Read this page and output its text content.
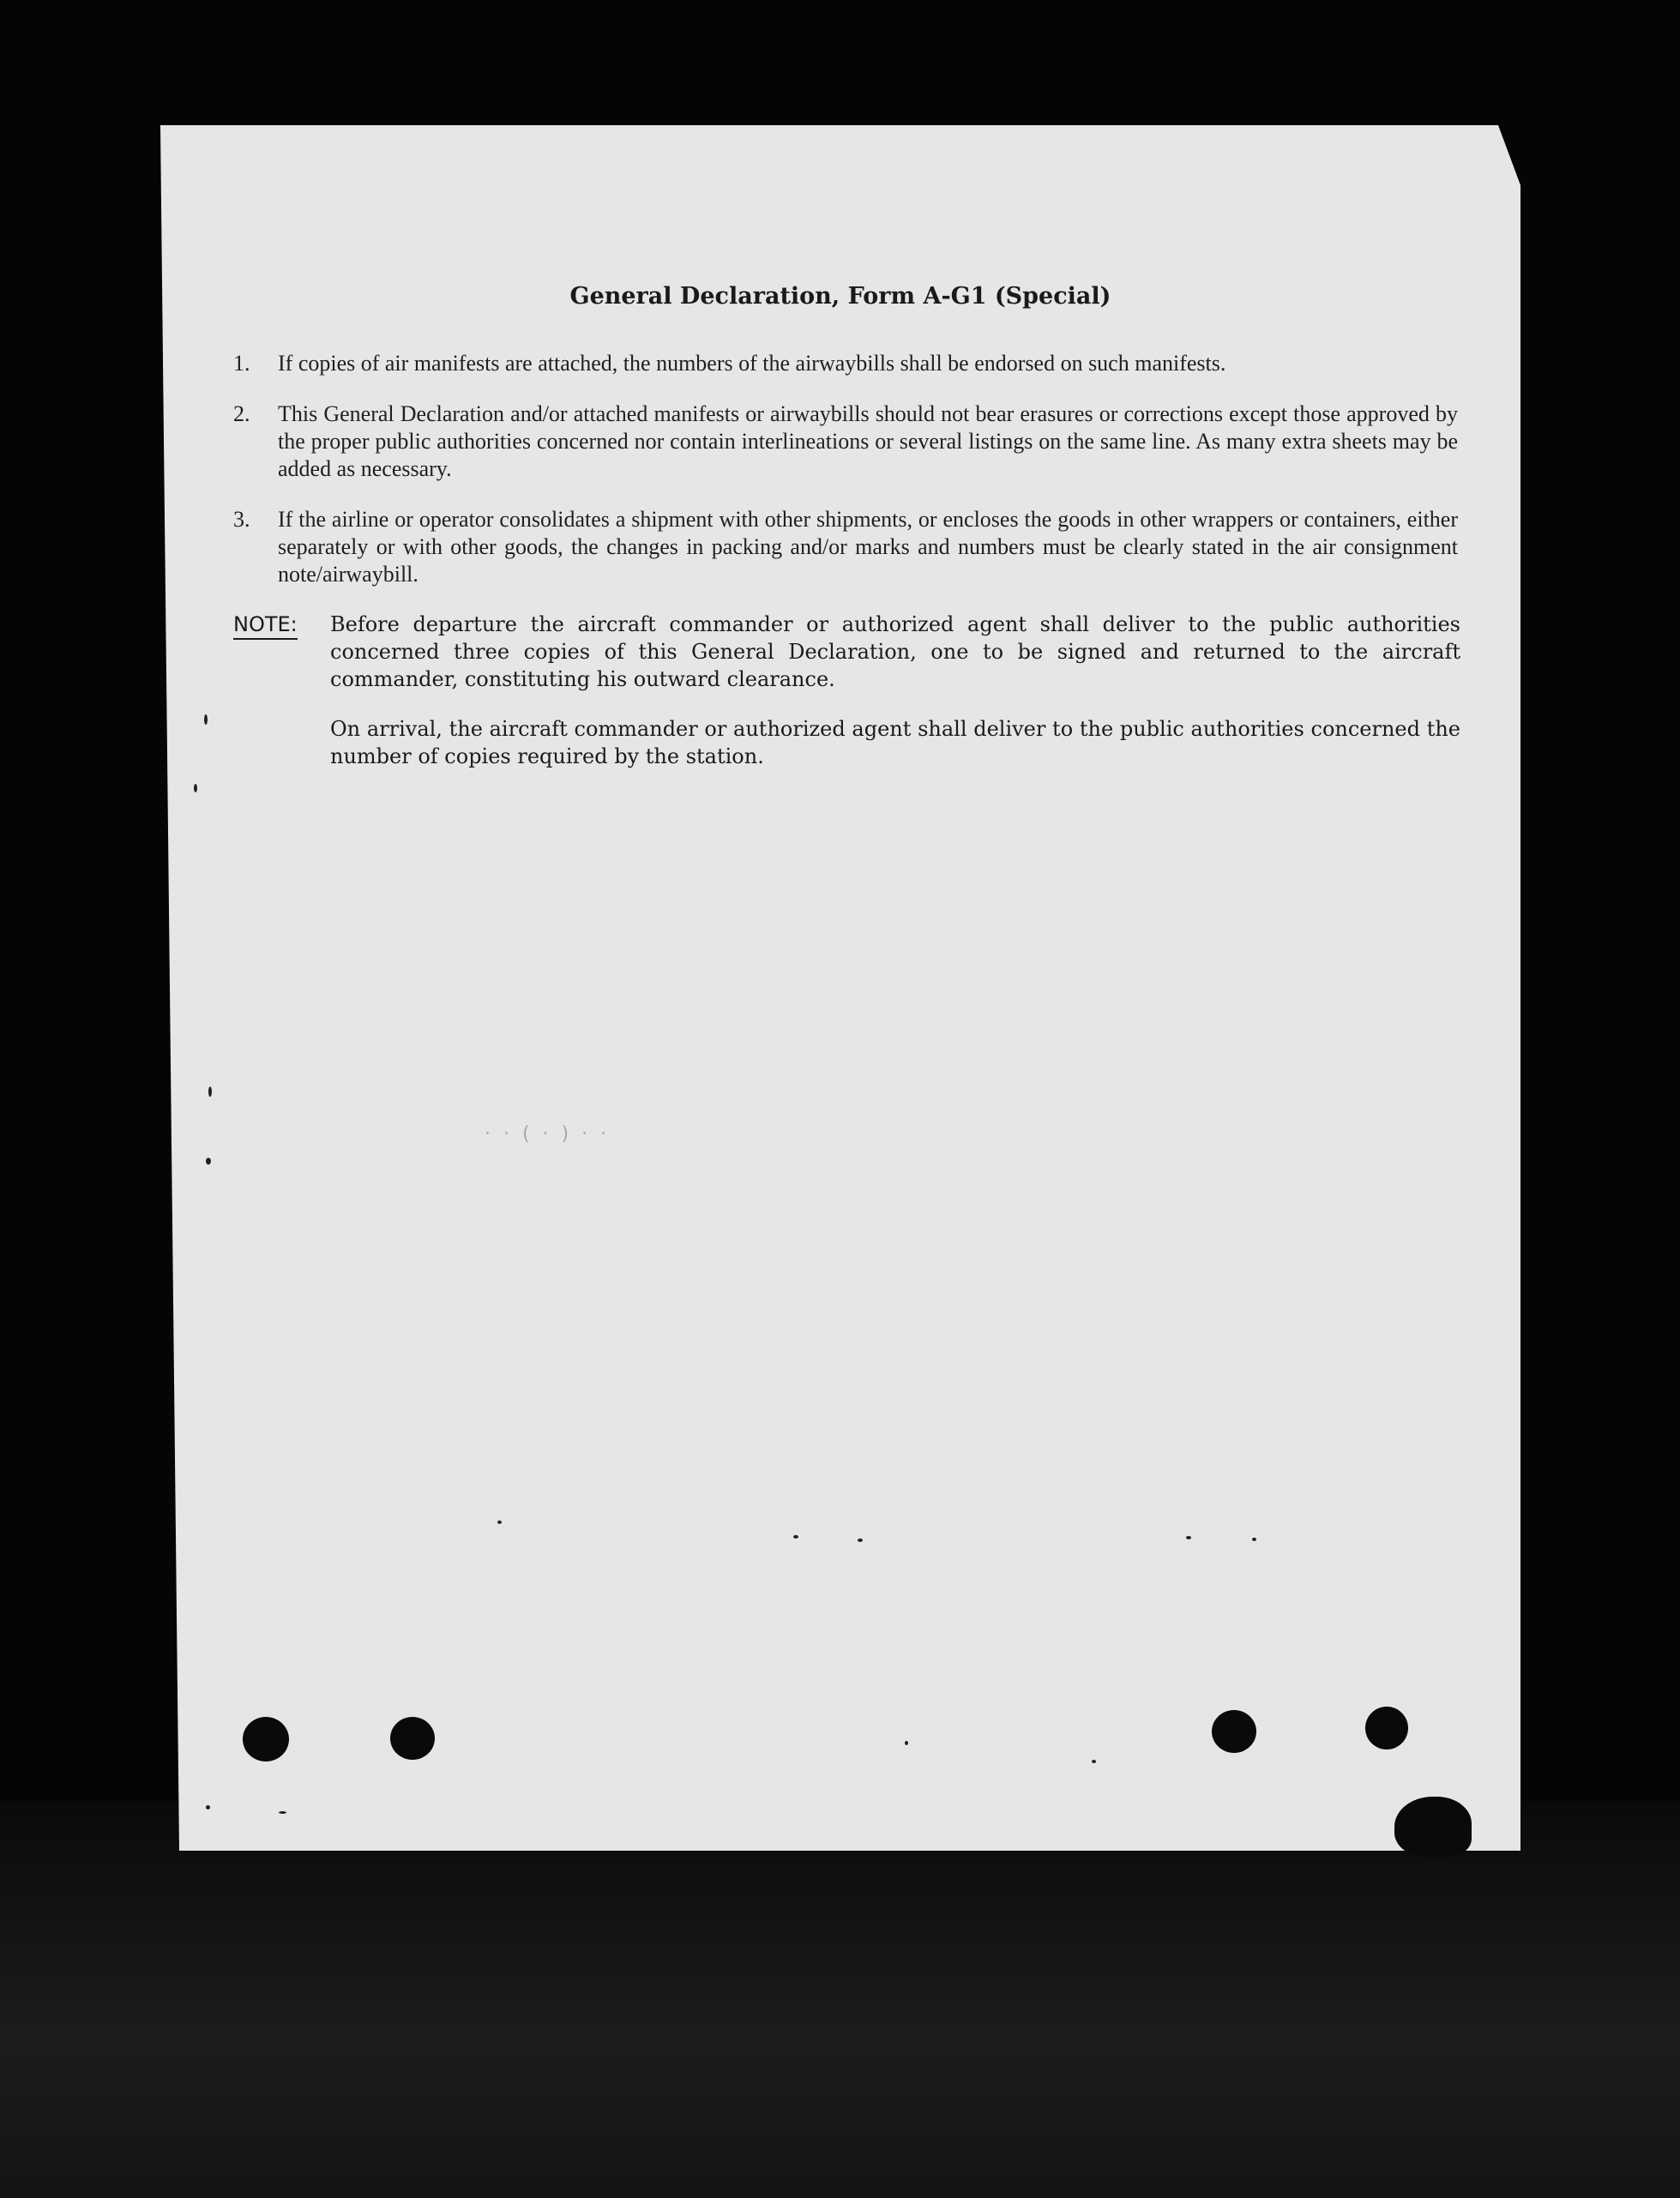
General Declaration, Form A-G1 (Special)
1.	If copies of air manifests are attached, the numbers of the airwaybills shall be endorsed on such manifests.
2.	This General Declaration and/or attached manifests or airwaybills should not bear erasures or corrections except those approved by the proper public authorities concerned nor contain interlineations or several listings on the same line. As many extra sheets may be added as necessary.
3.	If the airline or operator consolidates a shipment with other shipments, or encloses the goods in other wrappers or containers, either separately or with other goods, the changes in packing and/or marks and numbers must be clearly stated in the air consignment note/airwaybill.
NOTE: Before departure the aircraft commander or authorized agent shall deliver to the public authorities concerned three copies of this General Declaration, one to be signed and returned to the aircraft commander, constituting his outward clearance.
On arrival, the aircraft commander or authorized agent shall deliver to the public authorities concerned the number of copies required by the station.
· · ( · ) · ·
